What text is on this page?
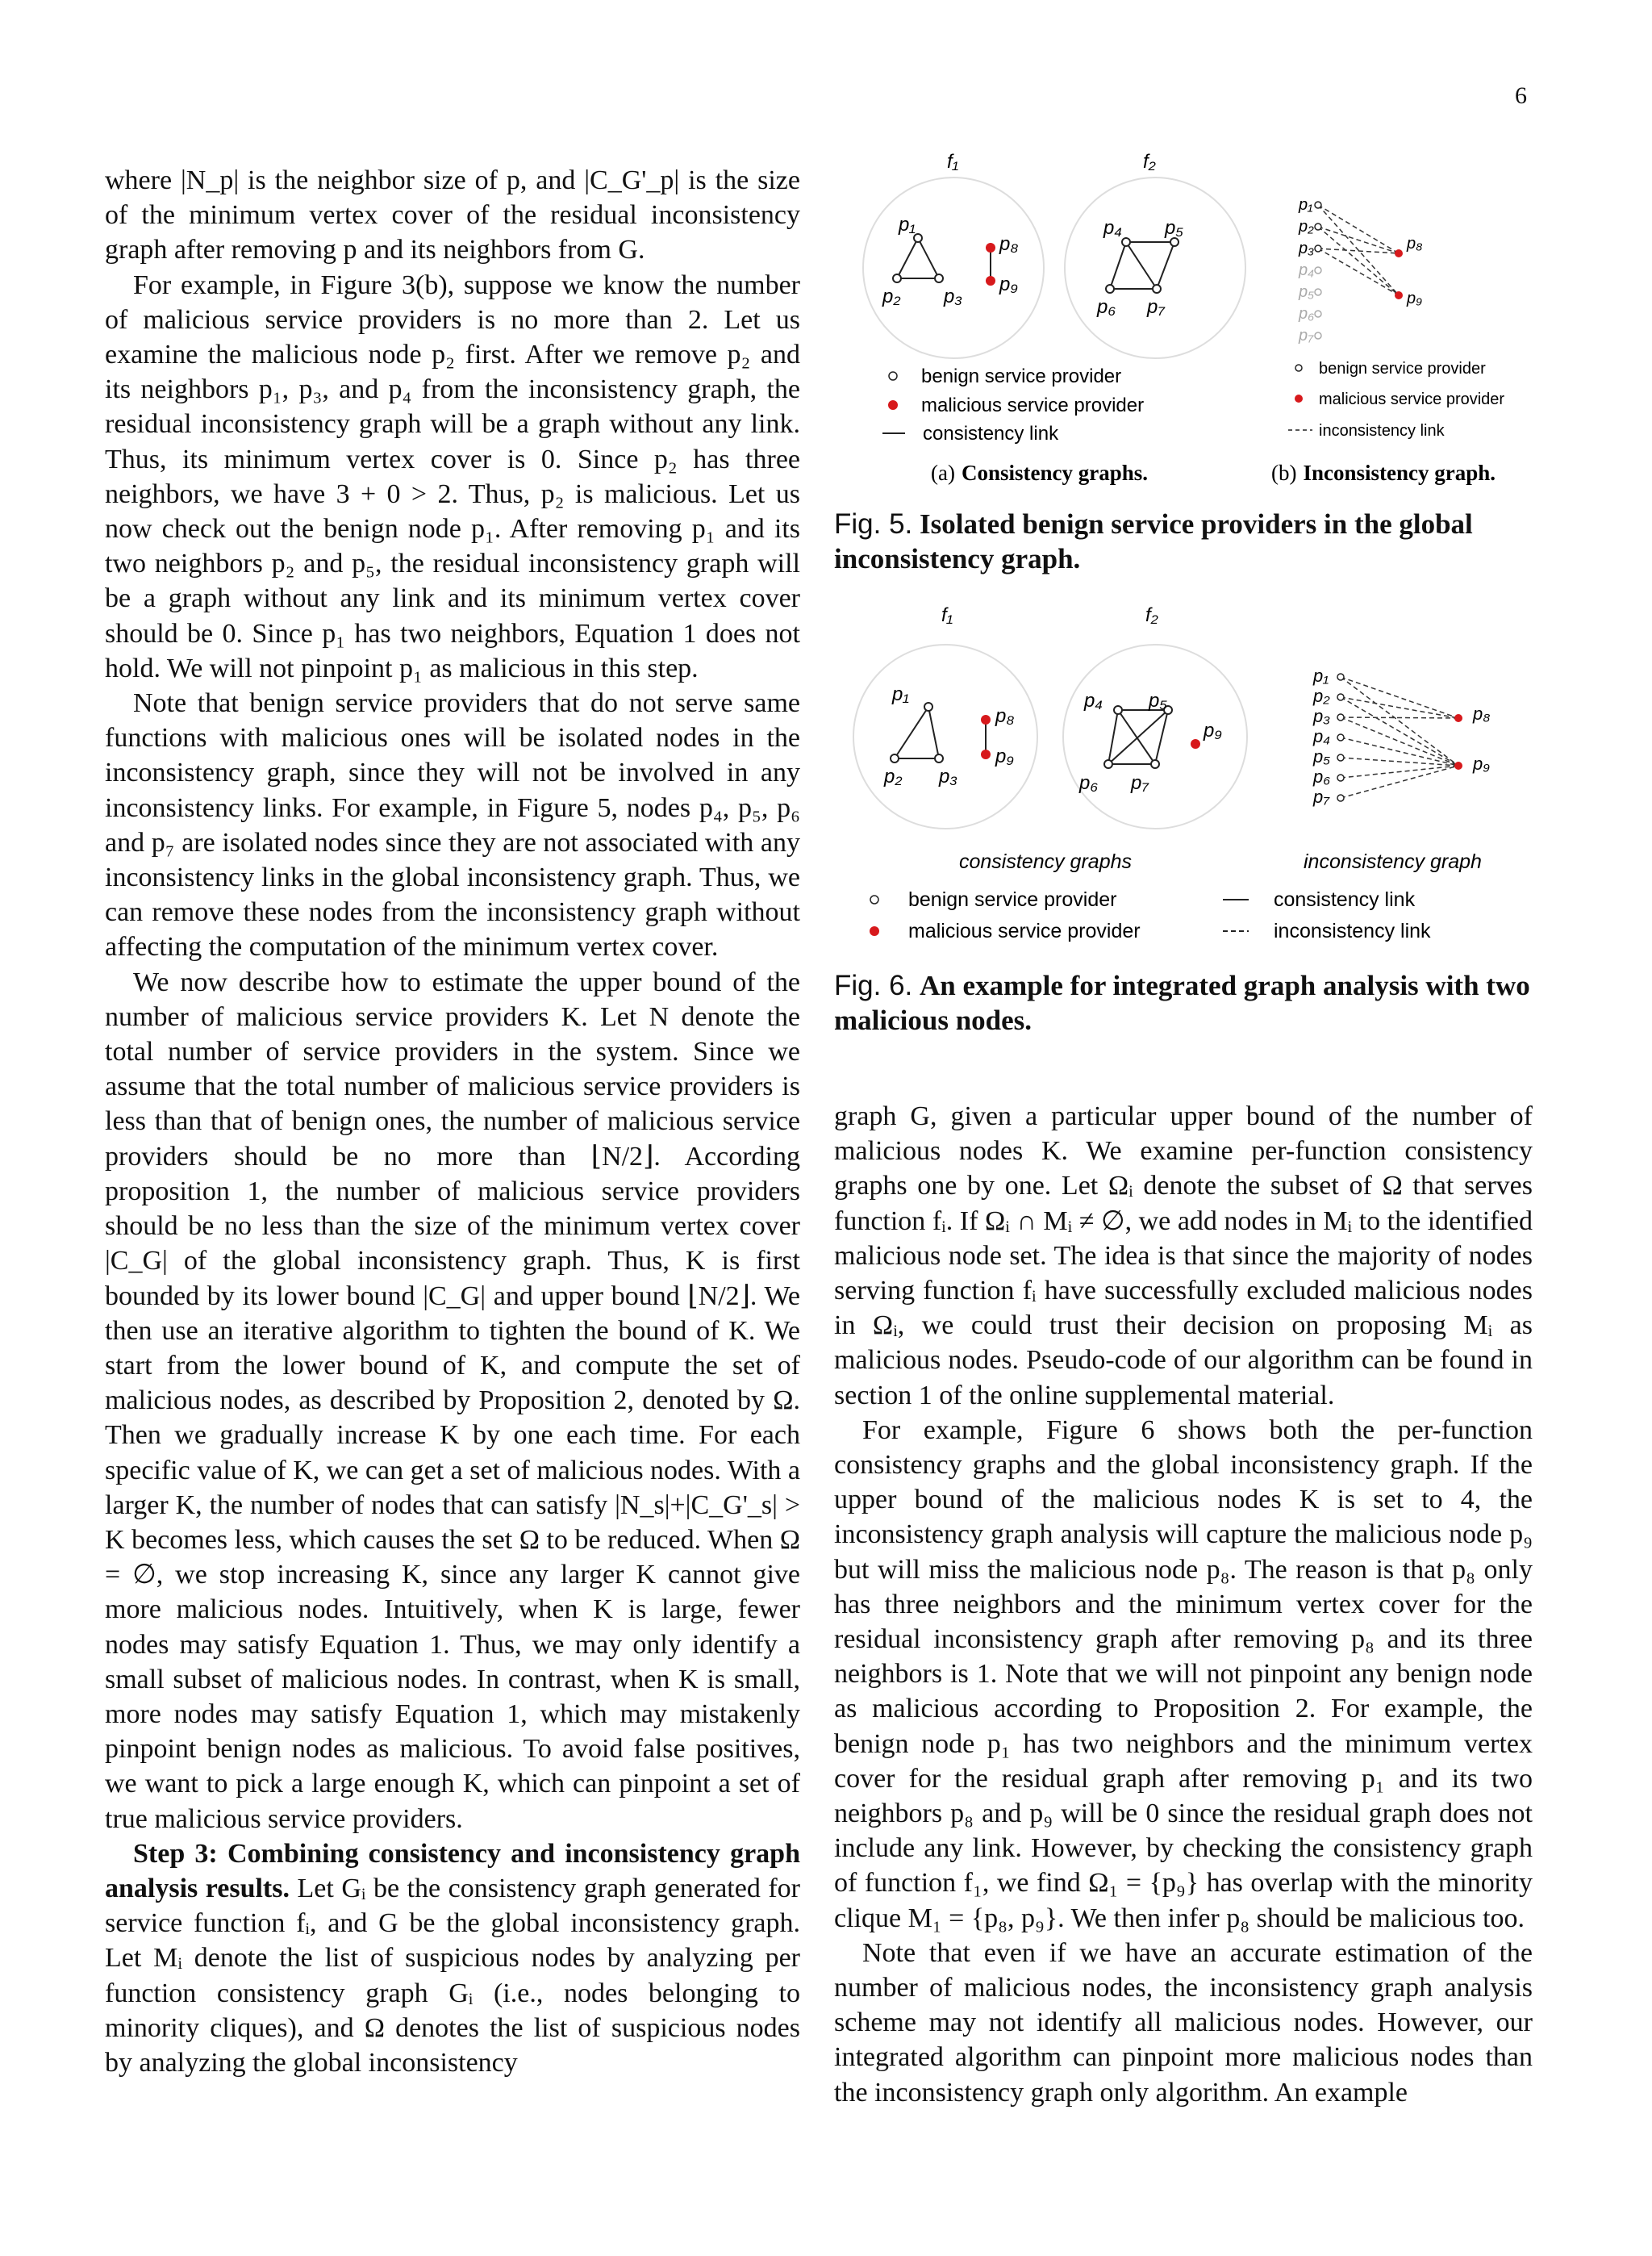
6

where |N_p| is the neighbor size of p, and |C_G'_p| is the size of the minimum vertex cover of the residual inconsistency graph after removing p and its neighbors from G.

For example, in Figure 3(b), suppose we know the number of malicious service providers is no more than 2. Let us examine the malicious node p₂ first. After we remove p₂ and its neighbors p₁, p₃, and p₄ from the inconsistency graph, the residual inconsistency graph will be a graph without any link. Thus, its minimum vertex cover is 0. Since p₂ has three neighbors, we have 3 + 0 > 2. Thus, p₂ is malicious. Let us now check out the benign node p₁. After removing p₁ and its two neighbors p₂ and p₅, the residual inconsistency graph will be a graph without any link and its minimum vertex cover should be 0. Since p₁ has two neighbors, Equation 1 does not hold. We will not pinpoint p₁ as malicious in this step.

Note that benign service providers that do not serve same functions with malicious ones will be isolated nodes in the inconsistency graph, since they will not be involved in any inconsistency links. For example, in Figure 5, nodes p₄, p₅, p₆ and p₇ are isolated nodes since they are not associated with any inconsistency links in the global inconsistency graph. Thus, we can remove these nodes from the inconsistency graph without affecting the computation of the minimum vertex cover.

We now describe how to estimate the upper bound of the number of malicious service providers K. Let N denote the total number of service providers in the system. Since we assume that the total number of malicious service providers is less than that of benign ones, the number of malicious service providers should be no more than ⌊N/2⌋. According proposition 1, the number of malicious service providers should be no less than the size of the minimum vertex cover |C_G| of the global inconsistency graph. Thus, K is first bounded by its lower bound |C_G| and upper bound ⌊N/2⌋. We then use an iterative algorithm to tighten the bound of K. We start from the lower bound of K, and compute the set of malicious nodes, as described by Proposition 2, denoted by Ω. Then we gradually increase K by one each time. For each specific value of K, we can get a set of malicious nodes. With a larger K, the number of nodes that can satisfy |N_s|+|C_G'_s| > K becomes less, which causes the set Ω to be reduced. When Ω = ∅, we stop increasing K, since any larger K cannot give more malicious nodes. Intuitively, when K is large, fewer nodes may satisfy Equation 1. Thus, we may only identify a small subset of malicious nodes. In contrast, when K is small, more nodes may satisfy Equation 1, which may mistakenly pinpoint benign nodes as malicious. To avoid false positives, we want to pick a large enough K, which can pinpoint a set of true malicious service providers.

Step 3: Combining consistency and inconsistency graph analysis results. Let Gᵢ be the consistency graph generated for service function fᵢ, and G be the global inconsistency graph. Let Mᵢ denote the list of suspicious nodes by analyzing per function consistency graph Gᵢ (i.e., nodes belonging to minority cliques), and Ω denotes the list of suspicious nodes by analyzing the global inconsistency

f₁	f₂
p₁
p₂ p₃
p₈
p₉
p₄ p₅
p₆ p₇
p₁
p₂
p₃
p₄
p₅
p₆
p₇
p₈
p₉
benign service provider
malicious service provider
consistency link
benign service provider
malicious service provider
inconsistency link
(a) Consistency graphs.	(b) Inconsistency graph.
Fig. 5. Isolated benign service providers in the global inconsistency graph.
f₁	f₂
p₁
p₂ p₃
p₈
p₉
p₄ p₅
p₆ p₇
p₉
p₁
p₂
p₃
p₄
p₅
p₆
p₇
p₈
p₉
consistency graphs	inconsistency graph
benign service provider
malicious service provider
consistency link
inconsistency link
Fig. 6. An example for integrated graph analysis with two malicious nodes.

graph G, given a particular upper bound of the number of malicious nodes K. We examine per-function consistency graphs one by one. Let Ωᵢ denote the subset of Ω that serves function fᵢ. If Ωᵢ ∩ Mᵢ ≠ ∅, we add nodes in Mᵢ to the identified malicious node set. The idea is that since the majority of nodes serving function fᵢ have successfully excluded malicious nodes in Ωᵢ, we could trust their decision on proposing Mᵢ as malicious nodes. Pseudo-code of our algorithm can be found in section 1 of the online supplemental material.

For example, Figure 6 shows both the per-function consistency graphs and the global inconsistency graph. If the upper bound of the malicious nodes K is set to 4, the inconsistency graph analysis will capture the malicious node p₉ but will miss the malicious node p₈. The reason is that p₈ only has three neighbors and the minimum vertex cover for the residual inconsistency graph after removing p₈ and its three neighbors is 1. Note that we will not pinpoint any benign node as malicious according to Proposition 2. For example, the benign node p₁ has two neighbors and the minimum vertex cover for the residual graph after removing p₁ and its two neighbors p₈ and p₉ will be 0 since the residual graph does not include any link. However, by checking the consistency graph of function f₁, we find Ω₁ = {p₉} has overlap with the minority clique M₁ = {p₈, p₉}. We then infer p₈ should be malicious too.

Note that even if we have an accurate estimation of the number of malicious nodes, the inconsistency graph analysis scheme may not identify all malicious nodes. However, our integrated algorithm can pinpoint more malicious nodes than the inconsistency graph only algorithm. An example
